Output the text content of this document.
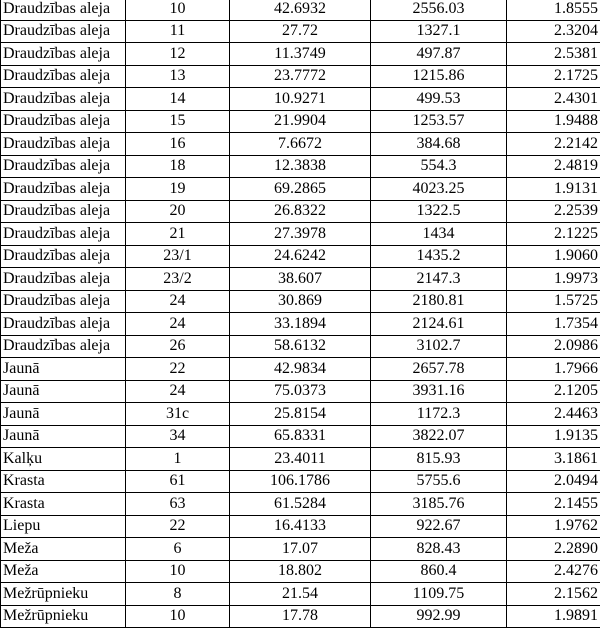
Draudzības aleja	10	42.6932	2556.03	1.8555
Draudzības aleja	11	27.72	1327.1	2.3204
Draudzības aleja	12	11.3749	497.87	2.5381
Draudzības aleja	13	23.7772	1215.86	2.1725
Draudzības aleja	14	10.9271	499.53	2.4301
Draudzības aleja	15	21.9904	1253.57	1.9488
Draudzības aleja	16	7.6672	384.68	2.2142
Draudzības aleja	18	12.3838	554.3	2.4819
Draudzības aleja	19	69.2865	4023.25	1.9131
Draudzības aleja	20	26.8322	1322.5	2.2539
Draudzības aleja	21	27.3978	1434	2.1225
Draudzības aleja	23/1	24.6242	1435.2	1.9060
Draudzības aleja	23/2	38.607	2147.3	1.9973
Draudzības aleja	24	30.869	2180.81	1.5725
Draudzības aleja	24	33.1894	2124.61	1.7354
Draudzības aleja	26	58.6132	3102.7	2.0986
Jaunā	22	42.9834	2657.78	1.7966
Jaunā	24	75.0373	3931.16	2.1205
Jaunā	31c	25.8154	1172.3	2.4463
Jaunā	34	65.8331	3822.07	1.9135
Kalķu	1	23.4011	815.93	3.1861
Krasta	61	106.1786	5755.6	2.0494
Krasta	63	61.5284	3185.76	2.1455
Liepu	22	16.4133	922.67	1.9762
Meža	6	17.07	828.43	2.2890
Meža	10	18.802	860.4	2.4276
Mežrūpnieku	8	21.54	1109.75	2.1562
Mežrūpnieku	10	17.78	992.99	1.9891
